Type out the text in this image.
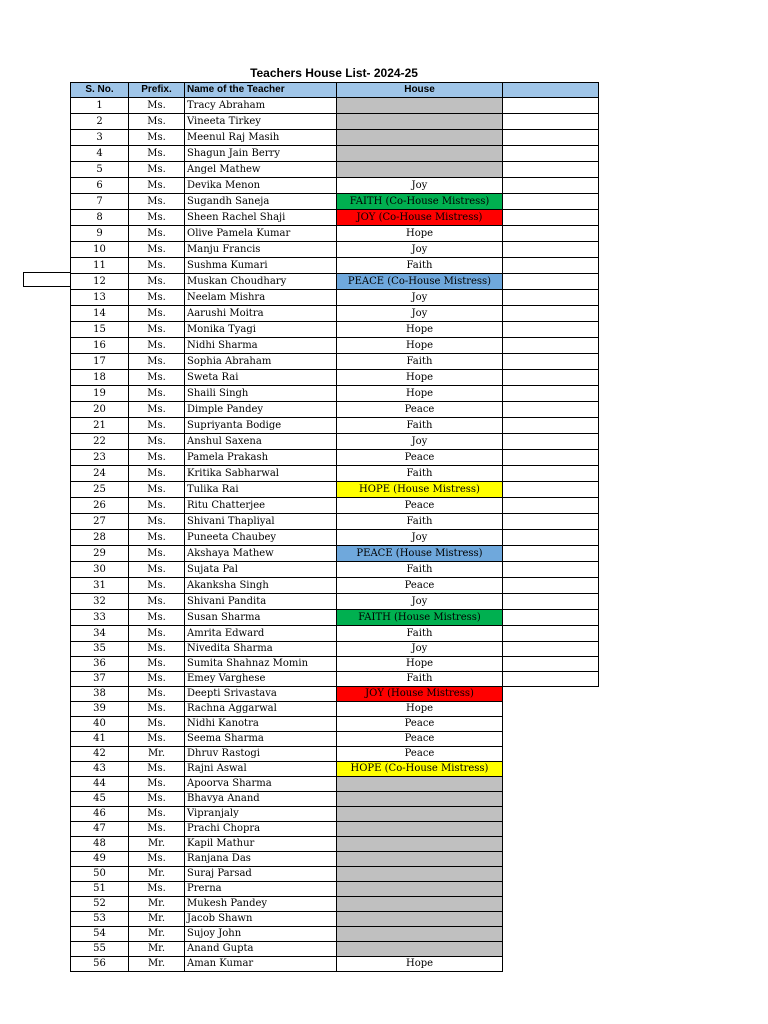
Teachers House List- 2024-25
S. No.	Prefix.	Name of the Teacher	House	
1	Ms.	Tracy Abraham		
2	Ms.	Vineeta Tirkey		
3	Ms.	Meenul Raj Masih		
4	Ms.	Shagun Jain Berry		
5	Ms.	Angel Mathew		
6	Ms.	Devika Menon	Joy	
7	Ms.	Sugandh Saneja	FAITH (Co-House Mistress)	
8	Ms.	Sheen Rachel Shaji	JOY (Co-House Mistress)	
9	Ms.	Olive Pamela Kumar	Hope	
10	Ms.	Manju Francis	Joy	
11	Ms.	Sushma Kumari	Faith	
12	Ms.	Muskan Choudhary	PEACE (Co-House Mistress)	
13	Ms.	Neelam Mishra	Joy	
14	Ms.	Aarushi Moitra	Joy	
15	Ms.	Monika Tyagi	Hope	
16	Ms.	Nidhi Sharma	Hope	
17	Ms.	Sophia Abraham	Faith	
18	Ms.	Sweta Rai	Hope	
19	Ms.	Shaili Singh	Hope	
20	Ms.	Dimple Pandey	Peace	
21	Ms.	Supriyanta Bodige	Faith	
22	Ms.	Anshul Saxena	Joy	
23	Ms.	Pamela Prakash	Peace	
24	Ms.	Kritika Sabharwal	Faith	
25	Ms.	Tulika Rai	HOPE (House Mistress)	
26	Ms.	Ritu Chatterjee	Peace	
27	Ms.	Shivani Thapliyal	Faith	
28	Ms.	Puneeta Chaubey	Joy	
29	Ms.	Akshaya Mathew	PEACE (House Mistress)	
30	Ms.	Sujata Pal	Faith	
31	Ms.	Akanksha Singh	Peace	
32	Ms.	Shivani Pandita	Joy	
33	Ms.	Susan Sharma	FAITH (House Mistress)	
34	Ms.	Amrita Edward	Faith	
35	Ms.	Nivedita Sharma	Joy	
36	Ms.	Sumita Shahnaz Momin	Hope	
37	Ms.	Emey Varghese	Faith	
38	Ms.	Deepti Srivastava	JOY (House Mistress)	
39	Ms.	Rachna Aggarwal	Hope	
40	Ms.	Nidhi Kanotra	Peace	
41	Ms.	Seema Sharma	Peace	
42	Mr.	Dhruv Rastogi	Peace	
43	Ms.	Rajni Aswal	HOPE (Co-House Mistress)	
44	Ms.	Apoorva Sharma		
45	Ms.	Bhavya Anand		
46	Ms.	Vipranjaly		
47	Ms.	Prachi Chopra		
48	Mr.	Kapil Mathur		
49	Ms.	Ranjana Das		
50	Mr.	Suraj Parsad		
51	Ms.	Prerna		
52	Mr.	Mukesh Pandey		
53	Mr.	Jacob Shawn		
54	Mr.	Sujoy John		
55	Mr.	Anand Gupta		
56	Mr.	Aman Kumar	Hope	
